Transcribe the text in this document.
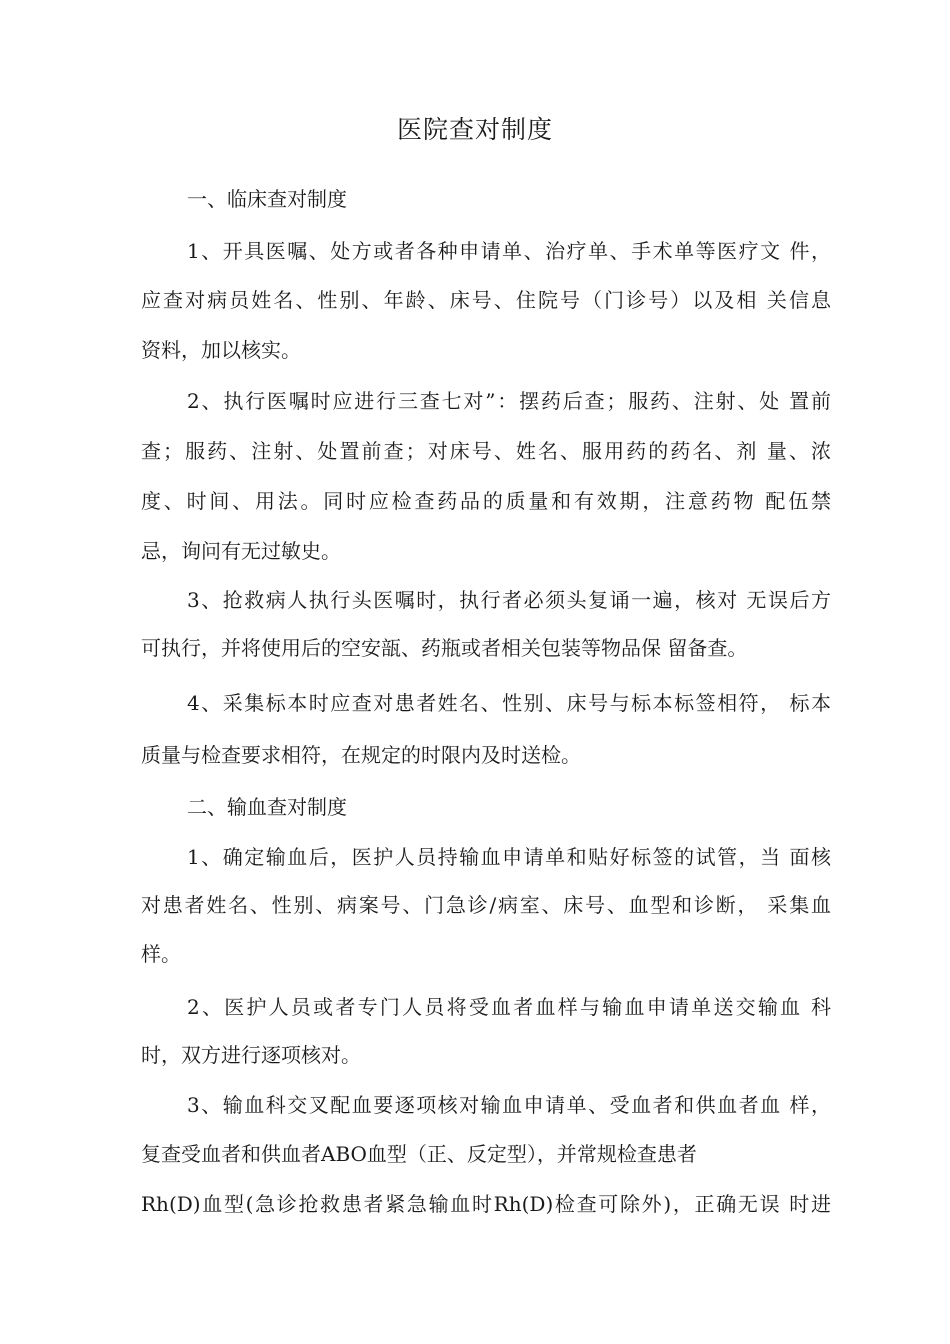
医院查对制度
一、临床查对制度
1、开具医嘱、处方或者各种申请单、治疗单、手术单等医疗文 件，
应查对病员姓名、性别、年龄、床号、住院号（门诊号）以及相 关信息
资料，加以核实。
2、执行医嘱时应进行三查七对”：摆药后查；服药、注射、处 置前
查；服药、注射、处置前查；对床号、姓名、服用药的药名、剂 量、浓
度、时间、用法。同时应检查药品的质量和有效期，注意药物 配伍禁
忌，询问有无过敏史。
3、抢救病人执行头医嘱时，执行者必须头复诵一遍，核对 无误后方
可执行，并将使用后的空安瓿、药瓶或者相关包装等物品保 留备查。
4、采集标本时应查对患者姓名、性别、床号与标本标签相符， 标本
质量与检查要求相符，在规定的时限内及时送检。
二、输血查对制度
1、确定输血后，医护人员持输血申请单和贴好标签的试管，当 面核
对患者姓名、性别、病案号、门急诊/病室、床号、血型和诊断， 采集血
样。
2、医护人员或者专门人员将受血者血样与输血申请单送交输血 科
时，双方进行逐项核对。
3、输血科交叉配血要逐项核对输血申请单、受血者和供血者血 样，
复查受血者和供血者ABO血型（正、反定型），并常规检查患者
Rh(D)血型(急诊抢救患者紧急输血时Rh(D)检查可除外)，正确无误 时进
